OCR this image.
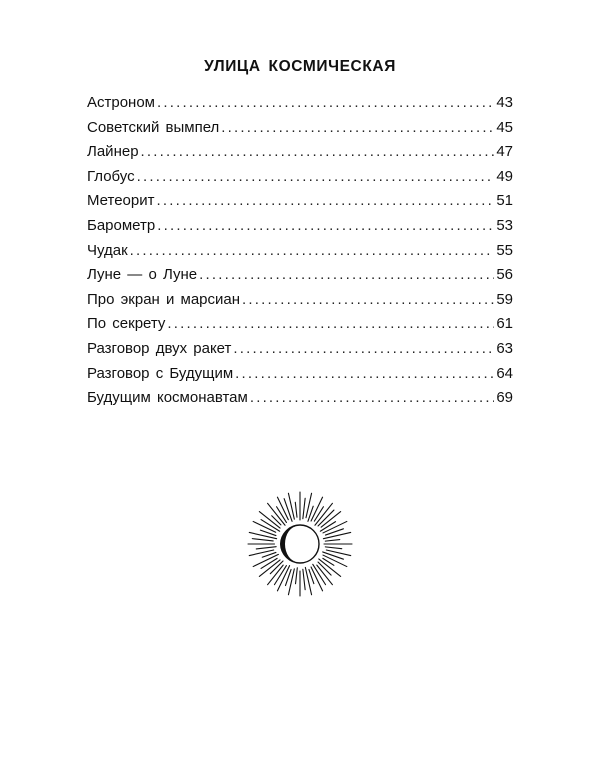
УЛИЦА КОСМИЧЕСКАЯ
Астроном .....	43
Советский вымпел .....	45
Лайнер .....	47
Глобус .....	49
Метеорит .....	51
Барометр .....	53
Чудак .....	55
Луне — о Луне .....	56
Про экран и марсиан .....	59
По секрету .....	61
Разговор двух ракет .....	63
Разговор с Будущим .....	64
Будущим космонавтам .....	69
